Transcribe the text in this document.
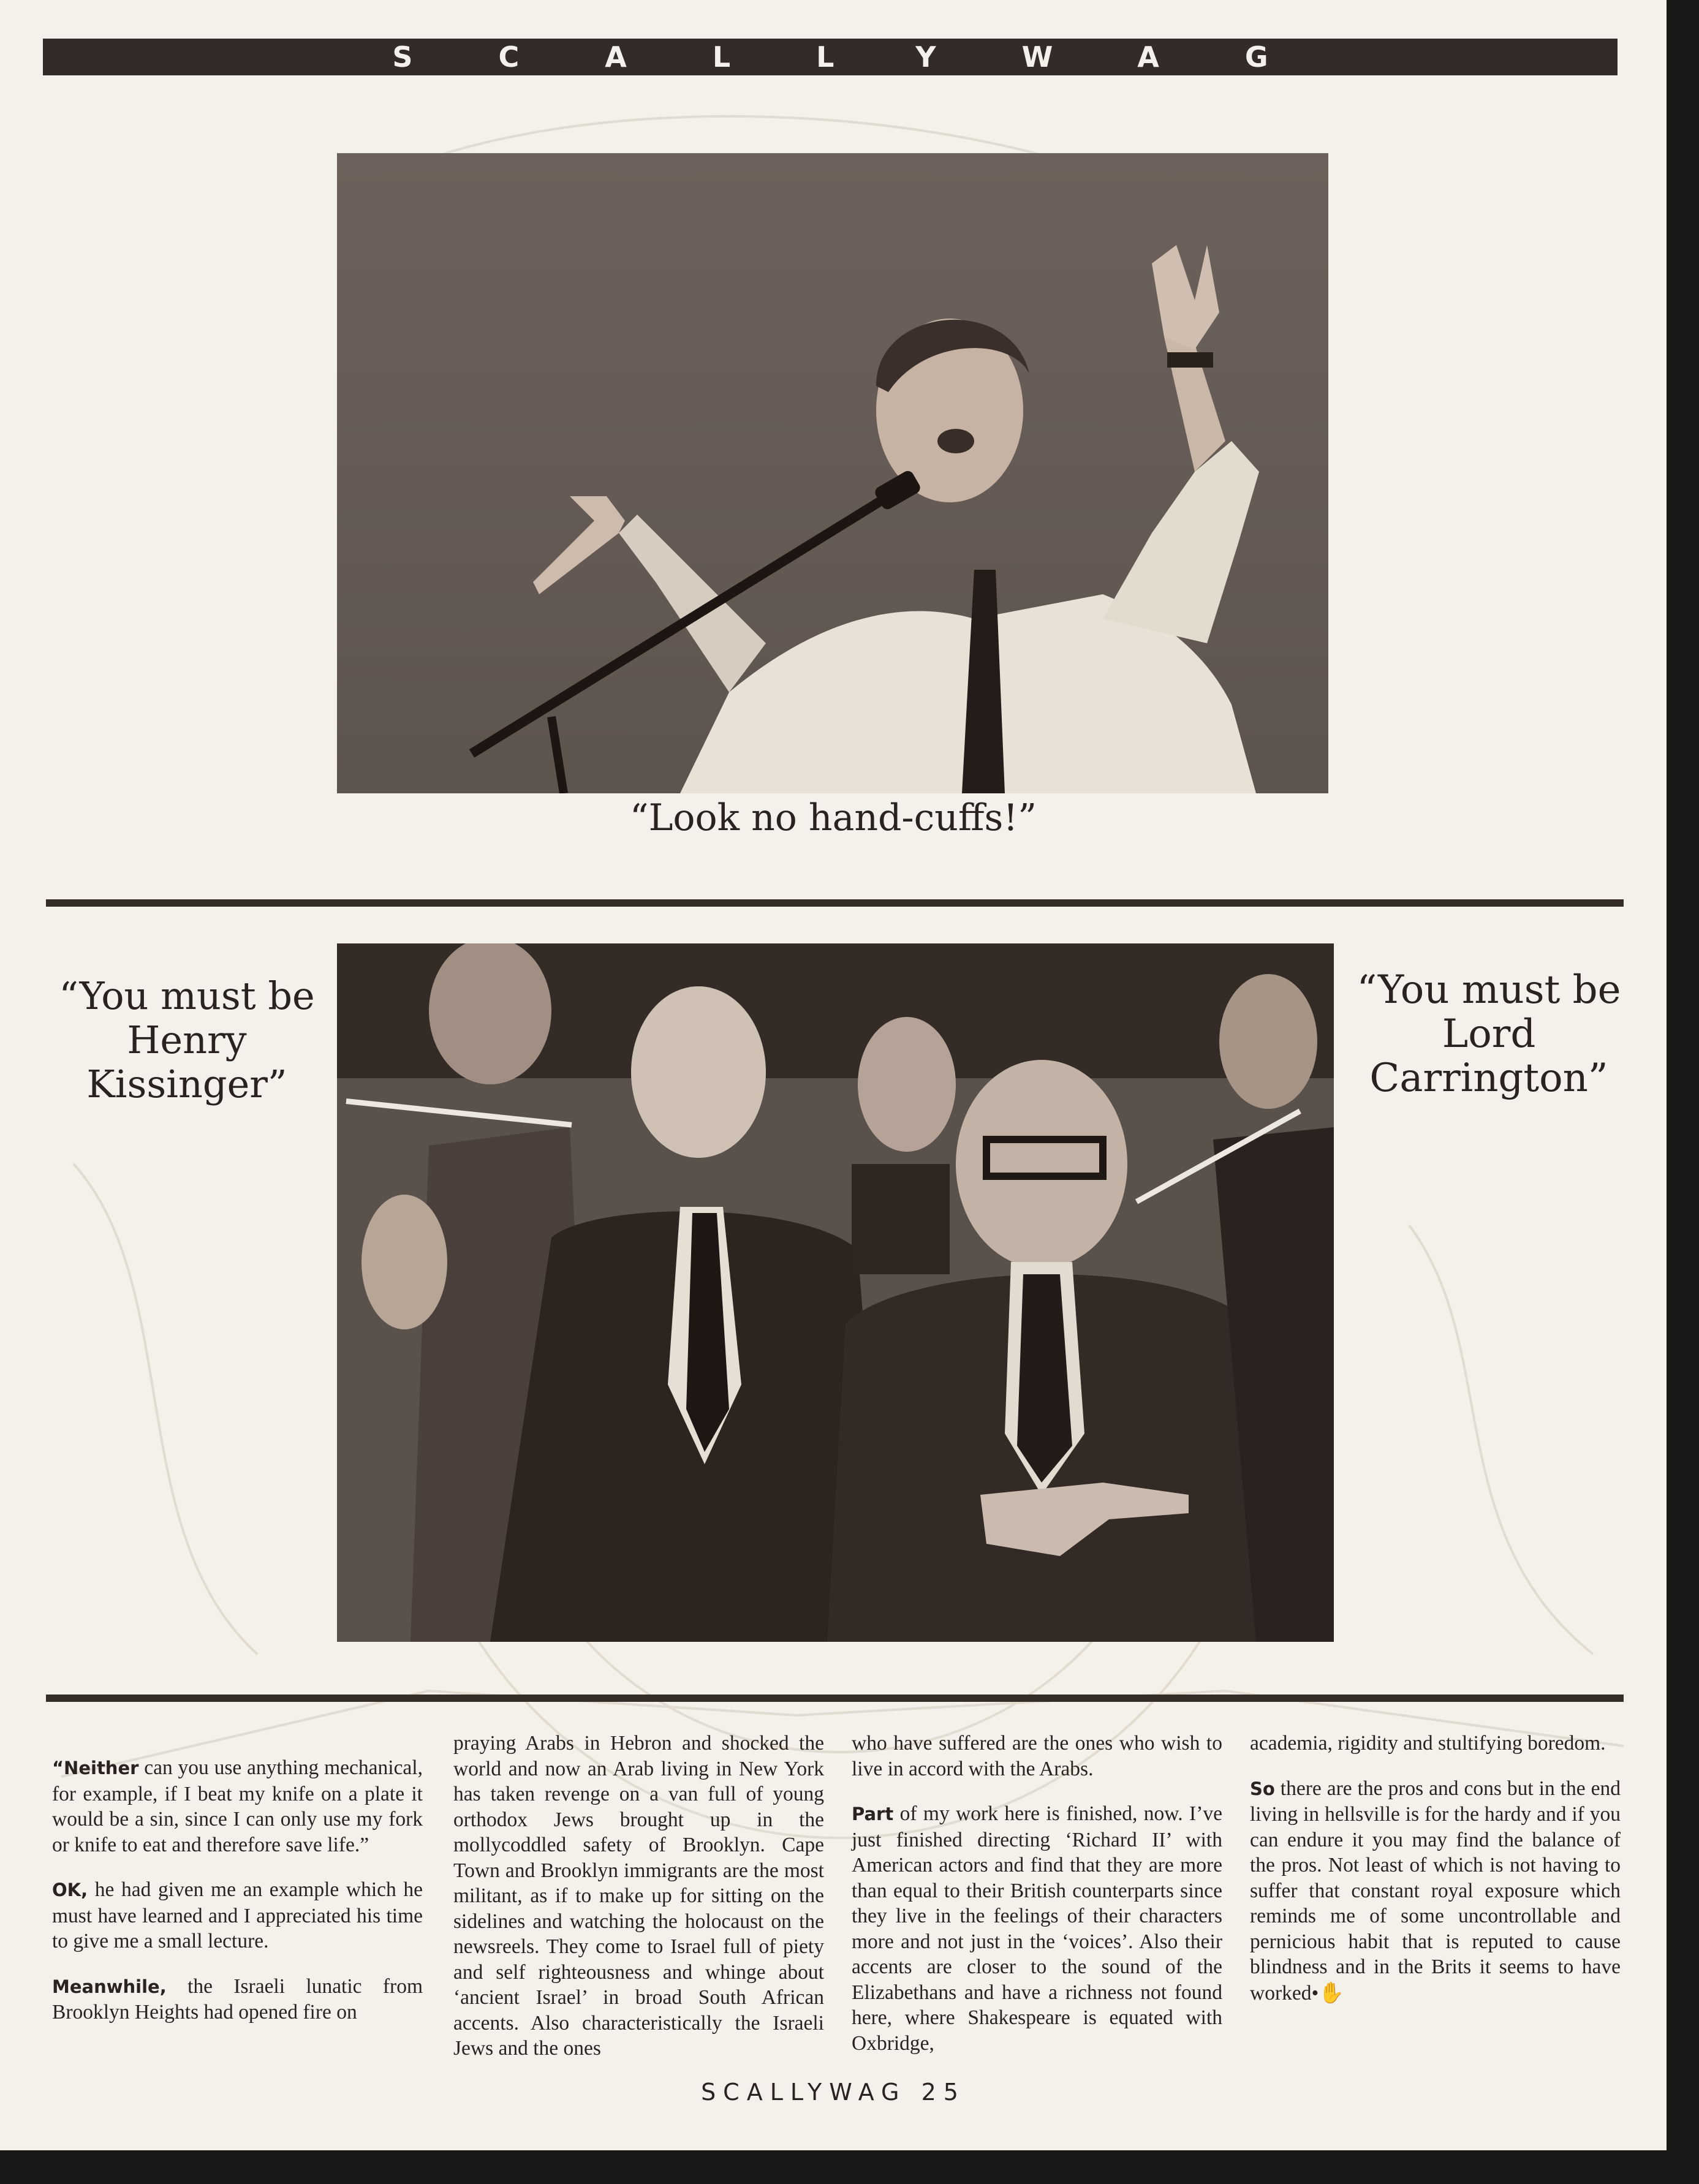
SCALLYWAG
“Look no hand-cuffs!”
“You must be
Henry
Kissinger”
“You must be
Lord
Carrington”

“Neither can you use anything mechanical, for example, if I beat my knife on a plate it would be a sin, since I can only use my fork or knife to eat and therefore save life.”

OK, he had given me an example which he must have learned and I appreciated his time to give me a small lecture.

Meanwhile, the Israeli lunatic from Brooklyn Heights had opened fire on

praying Arabs in Hebron and shocked the world and now an Arab living in New York has taken revenge on a van full of young orthodox Jews brought up in the mollycoddled safety of Brooklyn. Cape Town and Brooklyn immigrants are the most militant, as if to make up for sitting on the sidelines and watching the holocaust on the newsreels. They come to Israel full of piety and self righteousness and whinge about ‘ancient Israel’ in broad South African accents. Also characteristically the Israeli Jews and the ones

who have suffered are the ones who wish to live in accord with the Arabs.

Part of my work here is finished, now. I’ve just finished directing ‘Richard II’ with American actors and find that they are more than equal to their British counterparts since they live in the feelings of their characters more and not just in the ‘voices’. Also their accents are closer to the sound of the Elizabethans and have a richness not found here, where Shakespeare is equated with Oxbridge,

academia, rigidity and stultifying boredom.

So there are the pros and cons but in the end living in hellsville is for the hardy and if you can endure it you may find the balance of the pros. Not least of which is not having to suffer that constant royal exposure which reminds me of some uncontrollable and pernicious habit that is reputed to cause blindness and in the Brits it seems to have worked•✋

SCALLYWAG 25
